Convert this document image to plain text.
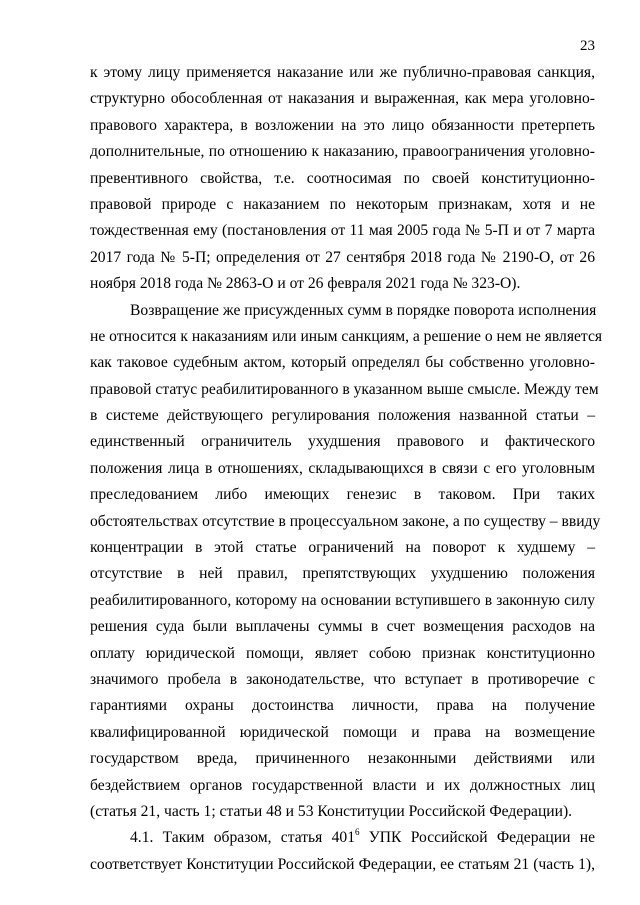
23
к этому лицу применяется наказание или же публично-правовая санкция,
структурно обособленная от наказания и выраженная, как мера уголовно-
правового характера, в возложении на это лицо обязанности претерпеть
дополнительные, по отношению к наказанию, правоограничения уголовно-
превентивного свойства, т.е. соотносимая по своей конституционно-
правовой природе с наказанием по некоторым признакам, хотя и не
тождественная ему (постановления от 11 мая 2005 года № 5-П и от 7 марта
2017 года № 5-П; определения от 27 сентября 2018 года № 2190-О, от 26
ноября 2018 года № 2863-О и от 26 февраля 2021 года № 323-О).
Возвращение же присужденных сумм в порядке поворота исполнения
не относится к наказаниям или иным санкциям, а решение о нем не является
как таковое судебным актом, который определял бы собственно уголовно-
правовой статус реабилитированного в указанном выше смысле. Между тем
в системе действующего регулирования положения названной статьи –
единственный ограничитель ухудшения правового и фактического
положения лица в отношениях, складывающихся в связи с его уголовным
преследованием либо имеющих генезис в таковом. При таких
обстоятельствах отсутствие в процессуальном законе, а по существу – ввиду
концентрации в этой статье ограничений на поворот к худшему –
отсутствие в ней правил, препятствующих ухудшению положения
реабилитированного, которому на основании вступившего в законную силу
решения суда были выплачены суммы в счет возмещения расходов на
оплату юридической помощи, являет собою признак конституционно
значимого пробела в законодательстве, что вступает в противоречие с
гарантиями охраны достоинства личности, права на получение
квалифицированной юридической помощи и права на возмещение
государством вреда, причиненного незаконными действиями или
бездействием органов государственной власти и их должностных лиц
(статья 21, часть 1; статьи 48 и 53 Конституции Российской Федерации).
4.1. Таким образом, статья $401^6$ УПК Российской Федерации не
соответствует Конституции Российской Федерации, ее статьям 21 (часть 1),
